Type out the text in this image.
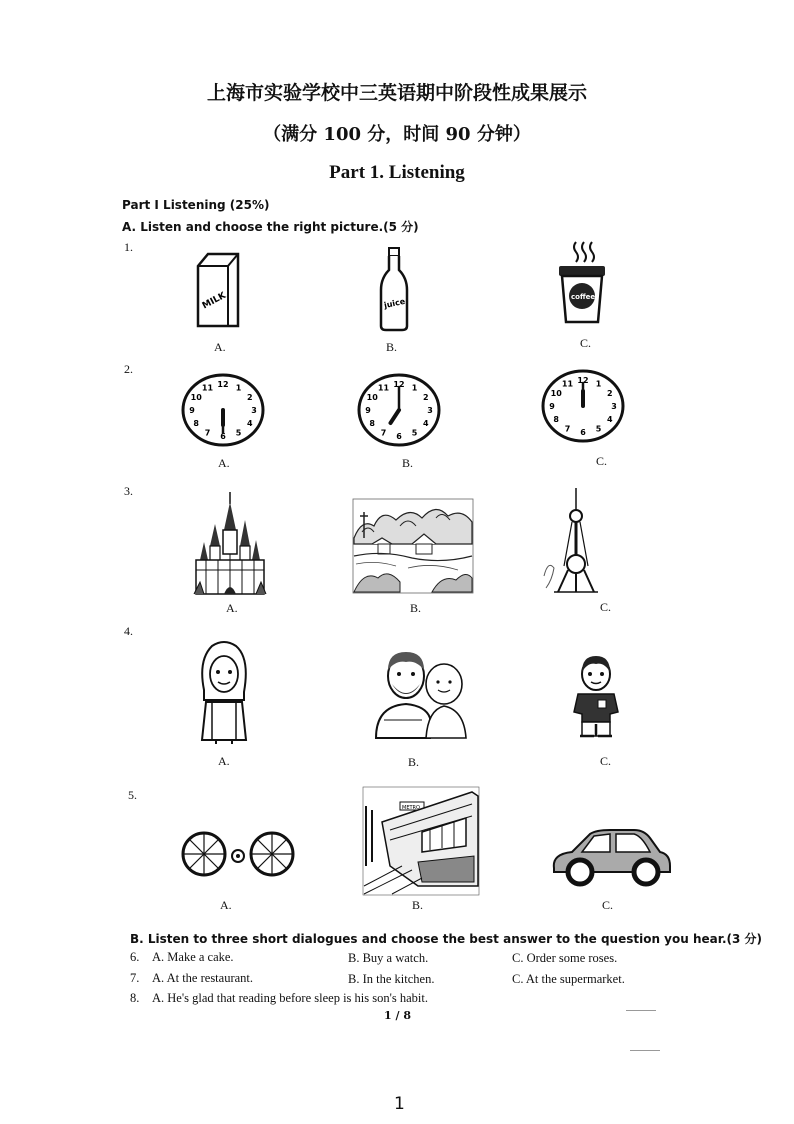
上海市实验学校中三英语期中阶段性成果展示
（满分 100 分，时间 90 分钟）
Part 1. Listening
Part I Listening (25%)
A. Listen and choose the right picture.(5 分)
1.
MILK
A.
juice
B.
coffee
C.
2.
12 1
2
3
4
5
6
7
8
9
10
11
A.
12 1
2
3
4
5
6
7
8
9
10
11
B.
12 1
2
3
4
5
6
7
8
9
10
11
C.
3.
A.	B.	C.
4.
A.	B.	C.
5.
A.
METRO
B.	C.
B. Listen to three short dialogues and choose the best answer to the question you hear.(3 分)
6. A. Make a cake.	B. Buy a watch.	C. Order some roses.
7. A. At the restaurant.	B. In the kitchen.	C. At the supermarket.
8. A. He's glad that reading before sleep is his son's habit.
1 / 8
1
